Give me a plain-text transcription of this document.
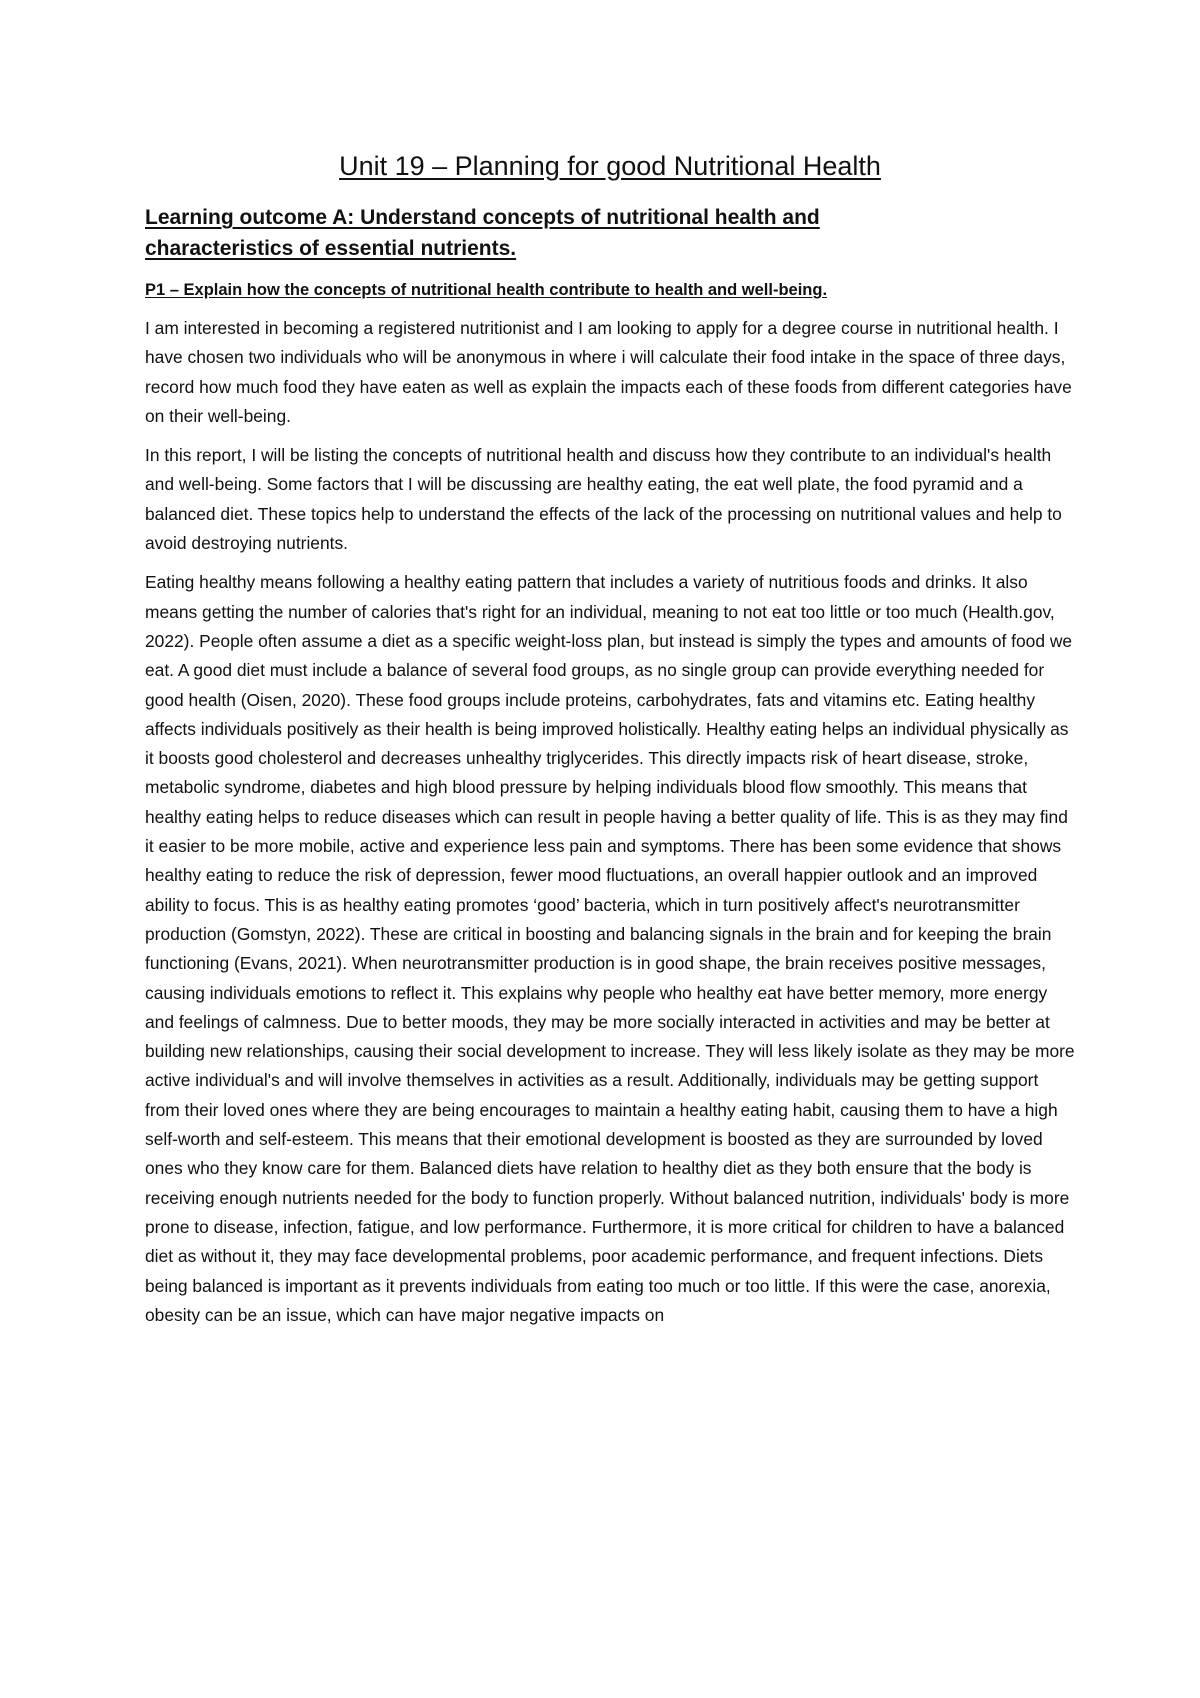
Unit 19 – Planning for good Nutritional Health
Learning outcome A: Understand concepts of nutritional health and characteristics of essential nutrients.
P1 – Explain how the concepts of nutritional health contribute to health and well-being.

I am interested in becoming a registered nutritionist and I am looking to apply for a degree course in nutritional health. I have chosen two individuals who will be anonymous in where i will calculate their food intake in the space of three days, record how much food they have eaten as well as explain the impacts each of these foods from different categories have on their well-being.

In this report, I will be listing the concepts of nutritional health and discuss how they contribute to an individual's health and well-being. Some factors that I will be discussing are healthy eating, the eat well plate, the food pyramid and a balanced diet. These topics help to understand the effects of the lack of the processing on nutritional values and help to avoid destroying nutrients.

Eating healthy means following a healthy eating pattern that includes a variety of nutritious foods and drinks. It also means getting the number of calories that's right for an individual, meaning to not eat too little or too much (Health.gov, 2022). People often assume a diet as a specific weight-loss plan, but instead is simply the types and amounts of food we eat. A good diet must include a balance of several food groups, as no single group can provide everything needed for good health (Oisen, 2020). These food groups include proteins, carbohydrates, fats and vitamins etc. Eating healthy affects individuals positively as their health is being improved holistically. Healthy eating helps an individual physically as it boosts good cholesterol and decreases unhealthy triglycerides. This directly impacts risk of heart disease, stroke, metabolic syndrome, diabetes and high blood pressure by helping individuals blood flow smoothly. This means that healthy eating helps to reduce diseases which can result in people having a better quality of life. This is as they may find it easier to be more mobile, active and experience less pain and symptoms. There has been some evidence that shows healthy eating to reduce the risk of depression, fewer mood fluctuations, an overall happier outlook and an improved ability to focus. This is as healthy eating promotes ‘good’ bacteria, which in turn positively affect's neurotransmitter production (Gomstyn, 2022). These are critical in boosting and balancing signals in the brain and for keeping the brain functioning (Evans, 2021). When neurotransmitter production is in good shape, the brain receives positive messages, causing individuals emotions to reflect it. This explains why people who healthy eat have better memory, more energy and feelings of calmness. Due to better moods, they may be more socially interacted in activities and may be better at building new relationships, causing their social development to increase. They will less likely isolate as they may be more active individual's and will involve themselves in activities as a result. Additionally, individuals may be getting support from their loved ones where they are being encourages to maintain a healthy eating habit, causing them to have a high self-worth and self-esteem. This means that their emotional development is boosted as they are surrounded by loved ones who they know care for them. Balanced diets have relation to healthy diet as they both ensure that the body is receiving enough nutrients needed for the body to function properly. Without balanced nutrition, individuals' body is more prone to disease, infection, fatigue, and low performance. Furthermore, it is more critical for children to have a balanced diet as without it, they may face developmental problems, poor academic performance, and frequent infections. Diets being balanced is important as it prevents individuals from eating too much or too little. If this were the case, anorexia, obesity can be an issue, which can have major negative impacts on
